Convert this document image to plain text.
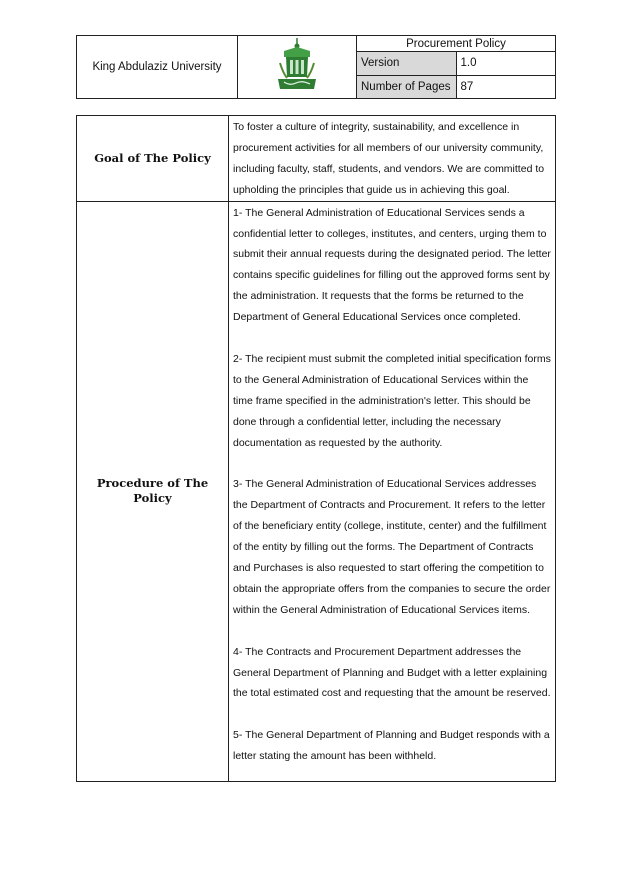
King Abdulaziz University		Procurement Policy	
		Version	1.0
		Number of Pages	87
Goal of The Policy	To foster a culture of integrity, sustainability, and excellence in procurement activities for all members of our university community, including faculty, staff, students, and vendors. We are committed to upholding the principles that guide us in achieving this goal.
Procedure of The Policy	1- The General Administration of Educational Services sends a confidential letter to colleges, institutes, and centers, urging them to submit their annual requests during the designated period. The letter contains specific guidelines for filling out the approved forms sent by the administration. It requests that the forms be returned to the Department of General Educational Services once completed.

2- The recipient must submit the completed initial specification forms to the General Administration of Educational Services within the time frame specified in the administration's letter. This should be done through a confidential letter, including the necessary documentation as requested by the authority.

3- The General Administration of Educational Services addresses the Department of Contracts and Procurement. It refers to the letter of the beneficiary entity (college, institute, center) and the fulfillment of the entity by filling out the forms. The Department of Contracts and Purchases is also requested to start offering the competition to obtain the appropriate offers from the companies to secure the order within the General Administration of Educational Services items.

4- The Contracts and Procurement Department addresses the General Department of Planning and Budget with a letter explaining the total estimated cost and requesting that the amount be reserved.

5- The General Department of Planning and Budget responds with a letter stating the amount has been withheld.
